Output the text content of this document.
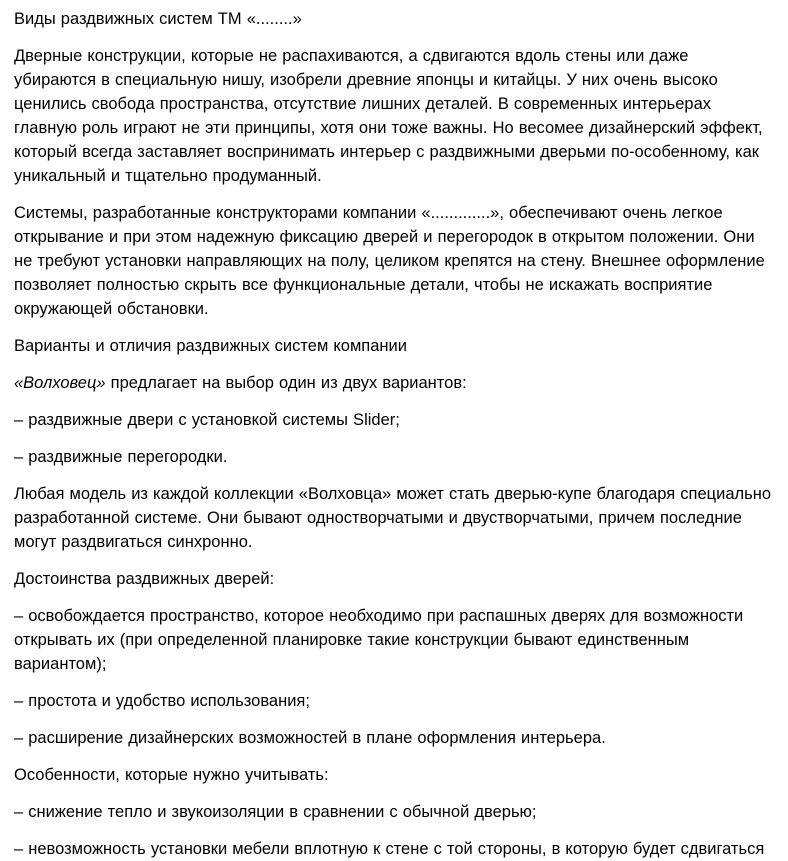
Виды раздвижных систем ТМ «........»

Дверные конструкции, которые не распахиваются, а сдвигаются вдоль стены или даже убираются в специальную нишу, изобрели древние японцы и китайцы. У них очень высоко ценились свобода пространства, отсутствие лишних деталей. В современных интерьерах главную роль играют не эти принципы, хотя они тоже важны. Но весомее дизайнерский эффект, который всегда заставляет воспринимать интерьер с раздвижными дверьми по-особенному, как уникальный и тщательно продуманный.

Системы, разработанные конструкторами компании «.............», обеспечивают очень легкое открывание и при этом надежную фиксацию дверей и перегородок в открытом положении. Они не требуют установки направляющих на полу, целиком крепятся на стену. Внешнее оформление позволяет полностью скрыть все функциональные детали, чтобы не искажать восприятие окружающей обстановки.

Варианты и отличия раздвижных систем компании

«Волховец» предлагает на выбор один из двух вариантов:

– раздвижные двери с установкой системы Slider;

– раздвижные перегородки.

Любая модель из каждой коллекции «Волховца» может стать дверью-купе благодаря специально разработанной системе. Они бывают одностворчатыми и двустворчатыми, причем последние могут раздвигаться синхронно.

Достоинства раздвижных дверей:

– освобождается пространство, которое необходимо при распашных дверях для возможности открывать их (при определенной планировке такие конструкции бывают единственным вариантом);

– простота и удобство использования;

– расширение дизайнерских возможностей в плане оформления интерьера.

Особенности, которые нужно учитывать:

– снижение тепло и звукоизоляции в сравнении с обычной дверью;

– невозможность установки мебели вплотную к стене с той стороны, в которую будет сдвигаться
